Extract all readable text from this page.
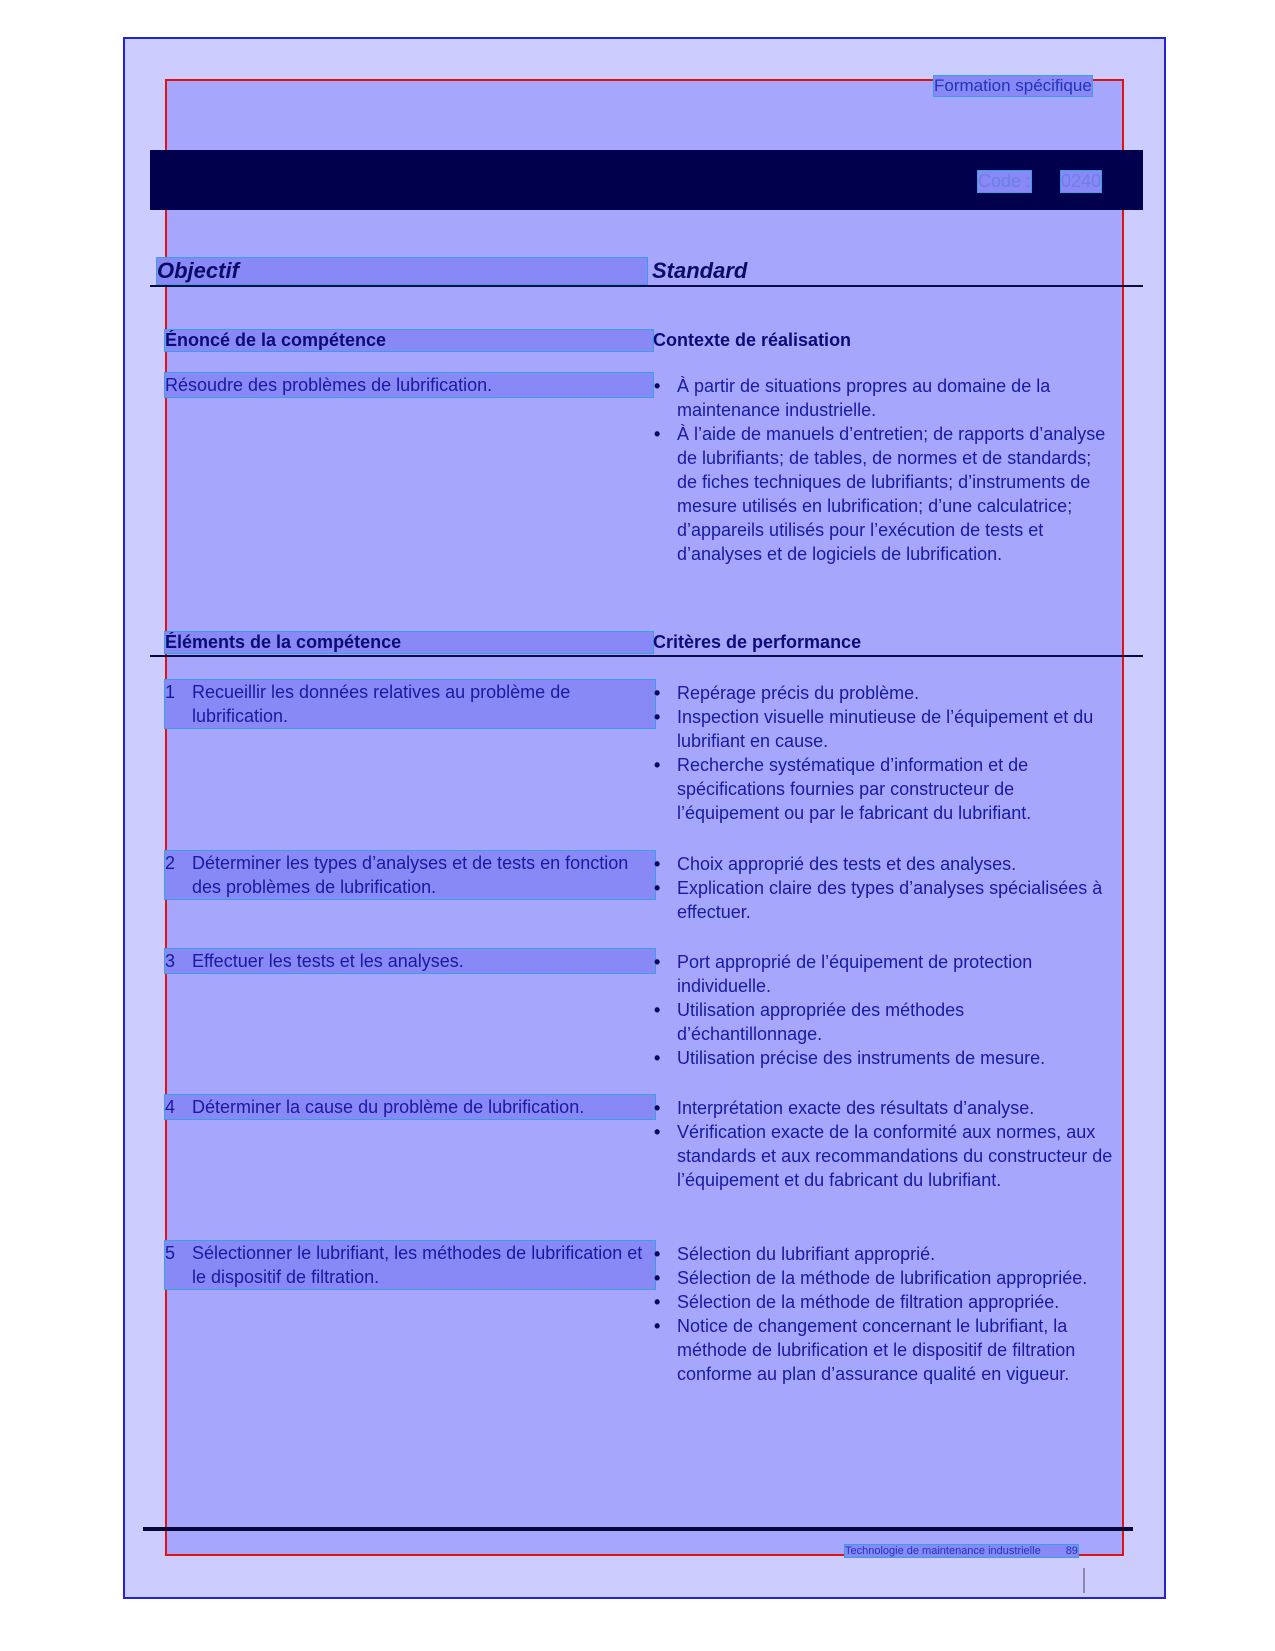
Formation spécifique
Code : 0240
Objectif	Standard
Énoncé de la compétence	Contexte de réalisation
Résoudre des problèmes de lubrification.	• À partir de situations propres au domaine de la maintenance industrielle.
• À l’aide de manuels d’entretien; de rapports d’analyse de lubrifiants; de tables, de normes et de standards; de fiches techniques de lubrifiants; d’instruments de mesure utilisés en lubrification; d’une calculatrice; d’appareils utilisés pour l’exécution de tests et d’analyses et de logiciels de lubrification.
Éléments de la compétence	Critères de performance
1 Recueillir les données relatives au problème de lubrification.
• Repérage précis du problème.
• Inspection visuelle minutieuse de l’équipement et du lubrifiant en cause.
• Recherche systématique d’information et de spécifications fournies par constructeur de l’équipement ou par le fabricant du lubrifiant.
2 Déterminer les types d’analyses et de tests en fonction des problèmes de lubrification.
• Choix approprié des tests et des analyses.
• Explication claire des types d’analyses spécialisées à effectuer.
3 Effectuer les tests et les analyses.	• Port approprié de l’équipement de protection individuelle.
• Utilisation appropriée des méthodes d’échantillonnage.
• Utilisation précise des instruments de mesure.
4 Déterminer la cause du problème de lubrification.	• Interprétation exacte des résultats d’analyse.
• Vérification exacte de la conformité aux normes, aux standards et aux recommandations du constructeur de l’équipement et du fabricant du lubrifiant.
5 Sélectionner le lubrifiant, les méthodes de lubrification et le dispositif de filtration.
• Sélection du lubrifiant approprié.
• Sélection de la méthode de lubrification appropriée.
• Sélection de la méthode de filtration appropriée.
• Notice de changement concernant le lubrifiant, la méthode de lubrification et le dispositif de filtration conforme au plan d’assurance qualité en vigueur.
Technologie de maintenance industrielle 89
